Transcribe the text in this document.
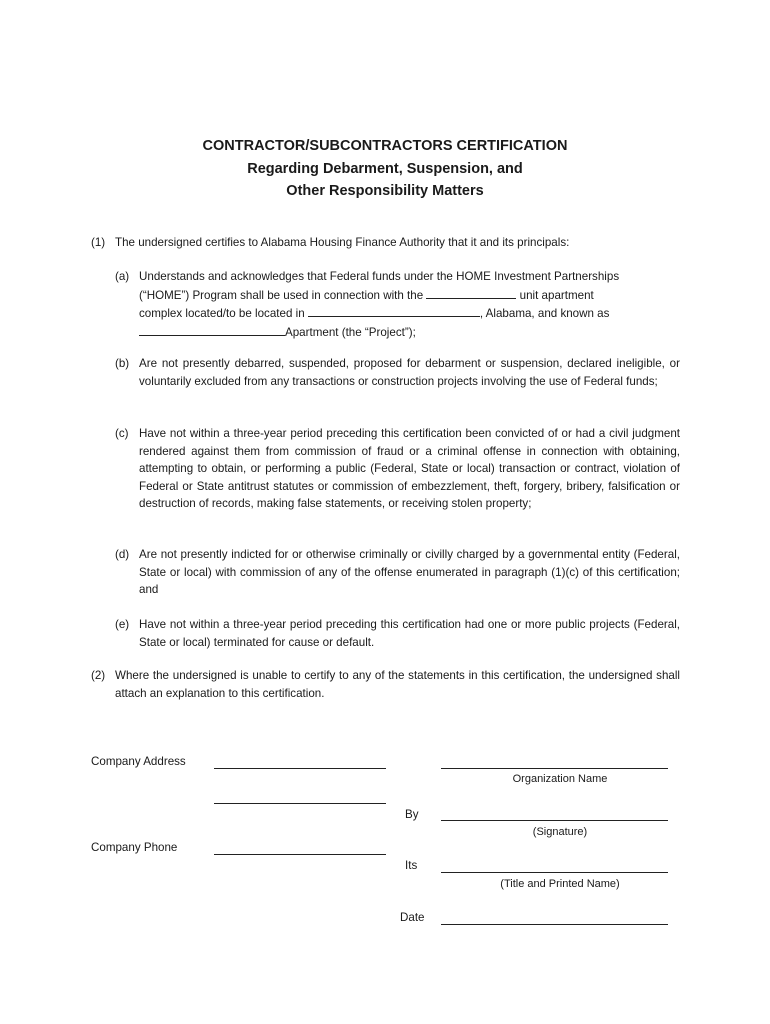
CONTRACTOR/SUBCONTRACTORS CERTIFICATION
Regarding Debarment, Suspension, and
Other Responsibility Matters
(1) The undersigned certifies to Alabama Housing Finance Authority that it and its principals:
(a) Understands and acknowledges that Federal funds under the HOME Investment Partnerships
(“HOME”) Program shall be used in connection with the	unit apartment
complex located/to be located in	, Alabama, and known as
Apartment (the “Project”);
(b) Are not presently debarred, suspended, proposed for debarment or suspension, declared ineligible, or voluntarily excluded from any transactions or construction projects involving the use of Federal funds;
(c) Have not within a three-year period preceding this certification been convicted of or had a civil judgment rendered against them from commission of fraud or a criminal offense in connection with obtaining, attempting to obtain, or performing a public (Federal, State or local) transaction or contract, violation of Federal or State antitrust statutes or commission of embezzlement, theft, forgery, bribery, falsification or destruction of records, making false statements, or receiving stolen property;
(d) Are not presently indicted for or otherwise criminally or civilly charged by a governmental entity (Federal, State or local) with commission of any of the offense enumerated in paragraph (1)(c) of this certification; and
(e) Have not within a three-year period preceding this certification had one or more public projects (Federal, State or local) terminated for cause or default.
(2) Where the undersigned is unable to certify to any of the statements in this certification, the undersigned shall attach an explanation to this certification.
Company Address
Company Phone
Organization Name
By
(Signature)
Its
(Title and Printed Name)
Date
